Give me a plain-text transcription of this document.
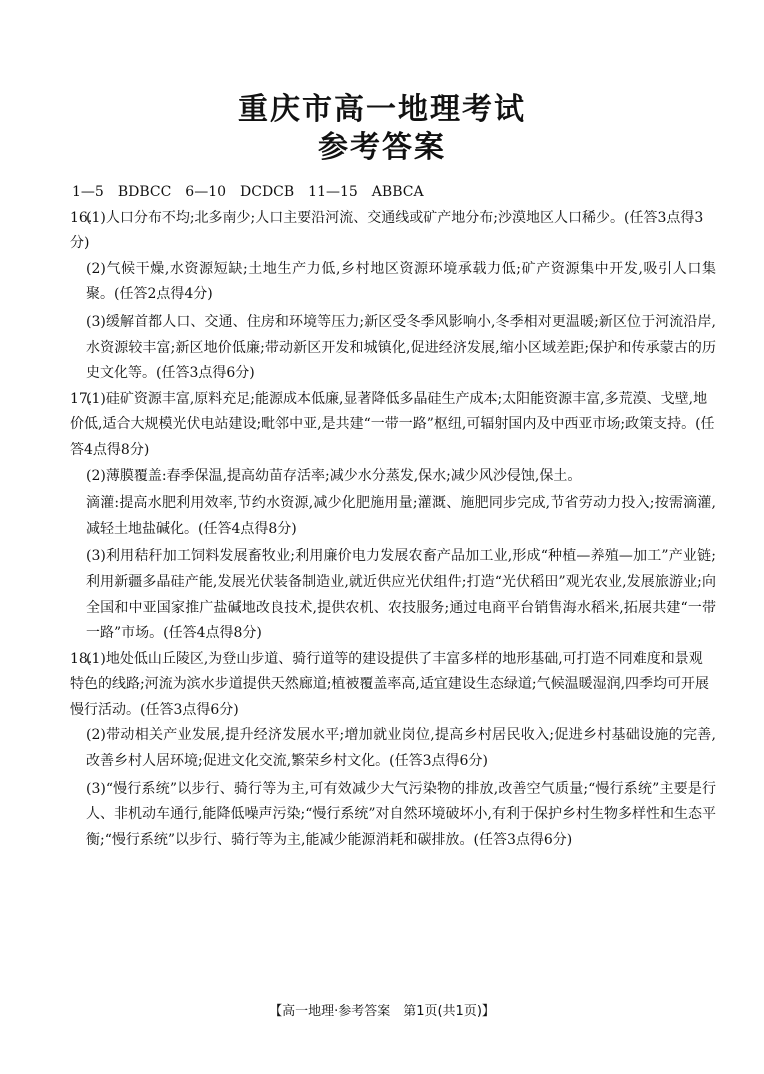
重庆市高一地理考试
参考答案

1—5　BDBCC　6—10　DCDCB　11—15　ABBCA

16.(1)人口分布不均;北多南少;人口主要沿河流、交通线或矿产地分布;沙漠地区人口稀少。(任答3点得3分)

(2)气候干燥,水资源短缺;土地生产力低,乡村地区资源环境承载力低;矿产资源集中开发,吸引人口集聚。(任答2点得4分)

(3)缓解首都人口、交通、住房和环境等压力;新区受冬季风影响小,冬季相对更温暖;新区位于河流沿岸,水资源较丰富;新区地价低廉;带动新区开发和城镇化,促进经济发展,缩小区域差距;保护和传承蒙古的历史文化等。(任答3点得6分)

17.(1)硅矿资源丰富,原料充足;能源成本低廉,显著降低多晶硅生产成本;太阳能资源丰富,多荒漠、戈壁,地价低,适合大规模光伏电站建设;毗邻中亚,是共建“一带一路”枢纽,可辐射国内及中西亚市场;政策支持。(任答4点得8分)

(2)薄膜覆盖:春季保温,提高幼苗存活率;减少水分蒸发,保水;减少风沙侵蚀,保土。

滴灌:提高水肥利用效率,节约水资源,减少化肥施用量;灌溉、施肥同步完成,节省劳动力投入;按需滴灌,减轻土地盐碱化。(任答4点得8分)

(3)利用秸秆加工饲料发展畜牧业;利用廉价电力发展农畜产品加工业,形成“种植—养殖—加工”产业链;利用新疆多晶硅产能,发展光伏装备制造业,就近供应光伏组件;打造“光伏稻田”观光农业,发展旅游业;向全国和中亚国家推广盐碱地改良技术,提供农机、农技服务;通过电商平台销售海水稻米,拓展共建“一带一路”市场。(任答4点得8分)

18.(1)地处低山丘陵区,为登山步道、骑行道等的建设提供了丰富多样的地形基础,可打造不同难度和景观特色的线路;河流为滨水步道提供天然廊道;植被覆盖率高,适宜建设生态绿道;气候温暖湿润,四季均可开展慢行活动。(任答3点得6分)

(2)带动相关产业发展,提升经济发展水平;增加就业岗位,提高乡村居民收入;促进乡村基础设施的完善,改善乡村人居环境;促进文化交流,繁荣乡村文化。(任答3点得6分)

(3)“慢行系统”以步行、骑行等为主,可有效减少大气污染物的排放,改善空气质量;“慢行系统”主要是行人、非机动车通行,能降低噪声污染;“慢行系统”对自然环境破坏小,有利于保护乡村生物多样性和生态平衡;“慢行系统”以步行、骑行等为主,能减少能源消耗和碳排放。(任答3点得6分)

【高一地理·参考答案　第1页(共1页)】
